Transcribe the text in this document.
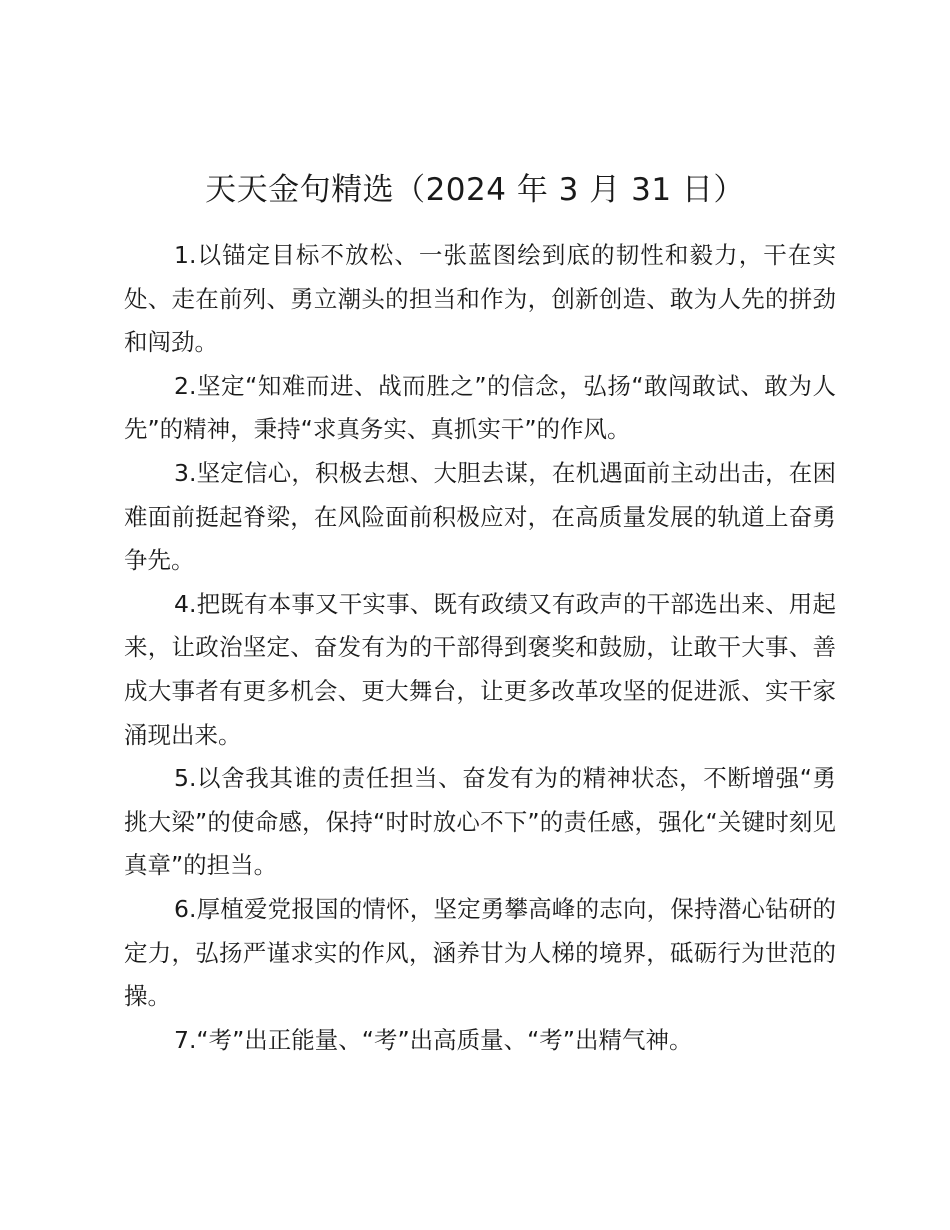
天天金句精选（2024 年 3 月 31 日）

1.以锚定目标不放松、一张蓝图绘到底的韧性和毅力，干在实处、走在前列、勇立潮头的担当和作为，创新创造、敢为人先的拼劲和闯劲。

2.坚定“知难而进、战而胜之”的信念，弘扬“敢闯敢试、敢为人先”的精神，秉持“求真务实、真抓实干”的作风。

3.坚定信心，积极去想、大胆去谋，在机遇面前主动出击，在困难面前挺起脊梁，在风险面前积极应对，在高质量发展的轨道上奋勇争先。

4.把既有本事又干实事、既有政绩又有政声的干部选出来、用起来，让政治坚定、奋发有为的干部得到褒奖和鼓励，让敢干大事、善成大事者有更多机会、更大舞台，让更多改革攻坚的促进派、实干家涌现出来。

5.以舍我其谁的责任担当、奋发有为的精神状态，不断增强“勇挑大梁”的使命感，保持“时时放心不下”的责任感，强化“关键时刻见真章”的担当。

6.厚植爱党报国的情怀，坚定勇攀高峰的志向，保持潜心钻研的定力，弘扬严谨求实的作风，涵养甘为人梯的境界，砥砺行为世范的操。

7.“考”出正能量、“考”出高质量、“考”出精气神。
